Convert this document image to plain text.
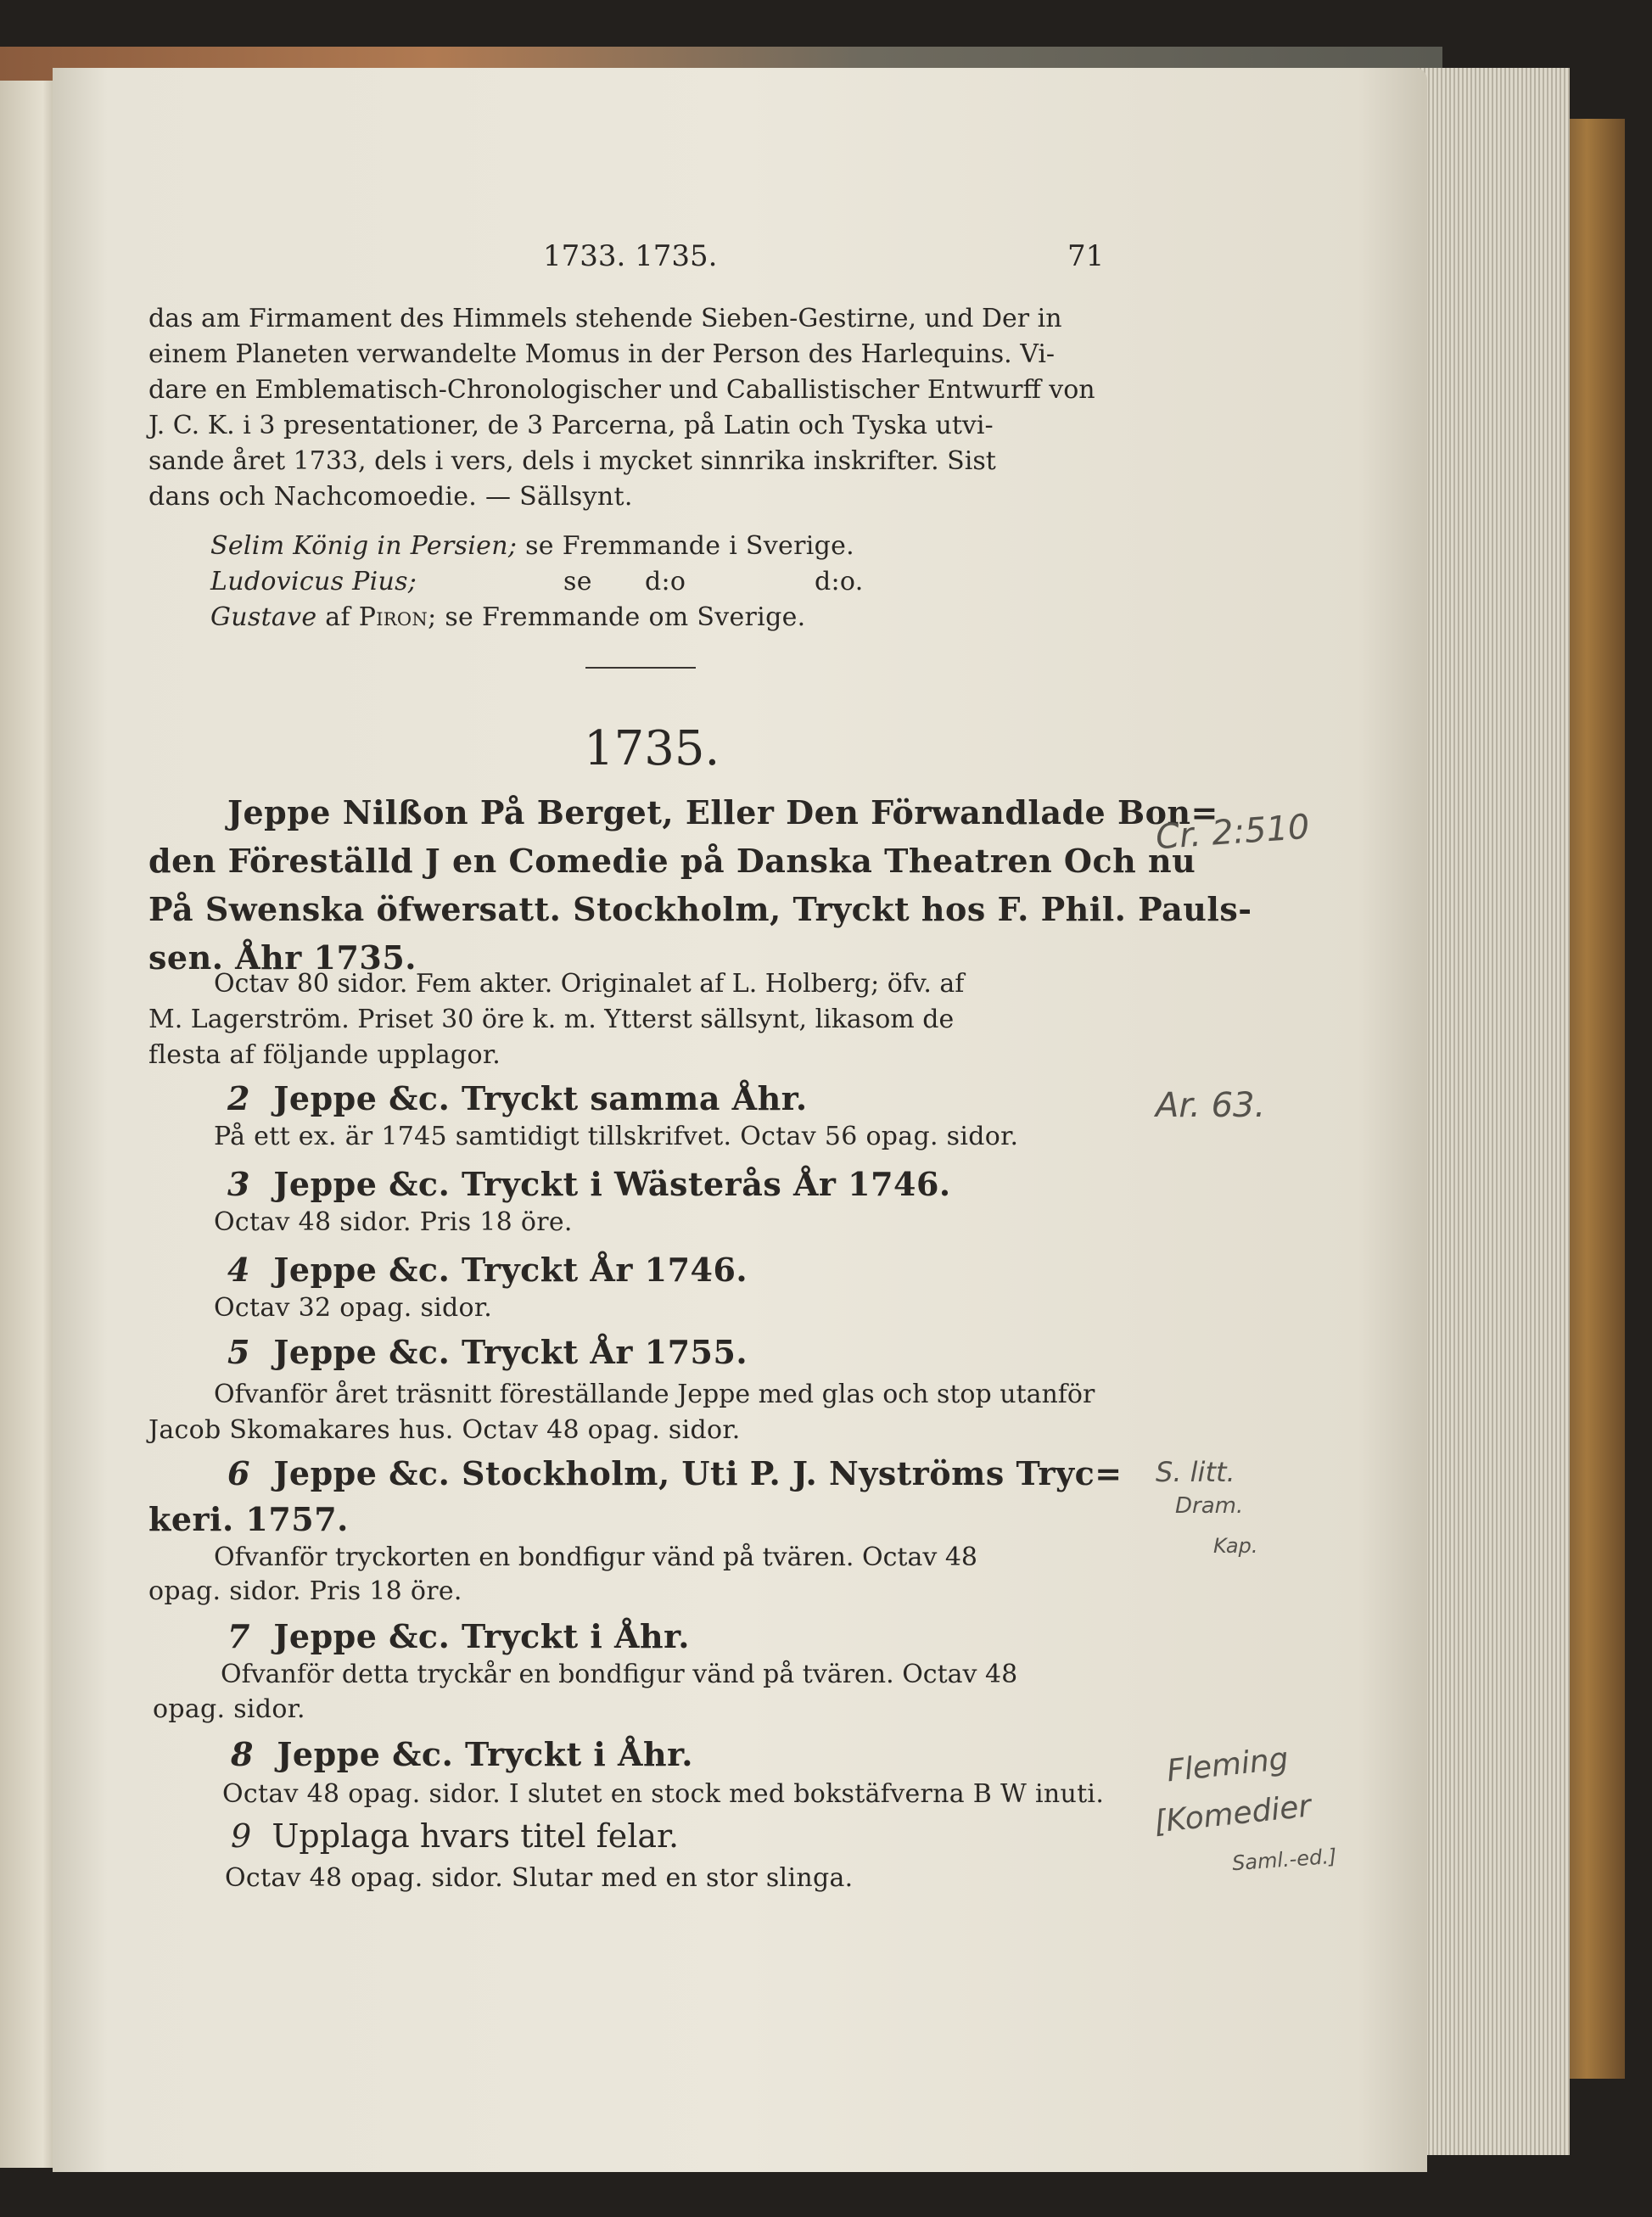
1733. 1735.	71
das am Firmament des Himmels stehende Sieben-Gestirne, und Der in
einem Planeten verwandelte Momus in der Person des Harlequins. Vi-
dare en Emblematisch-Chronologischer und Caballistischer Entwurff von
J. C. K. i 3 presentationer, de 3 Parcerna, på Latin och Tyska utvi-
sande året 1733, dels i vers, dels i mycket sinnrika inskrifter. Sist
dans och Nachcomoedie. — Sällsynt.
Selim König in Persien; se Fremmande i Sverige.
Ludovicus Pius;	se d:o	d:o.
Gustave af Piron; se Fremmande om Sverige.
1735.
Jeppe Nilßon På Berget, Eller Den Förwandlade Bon=
den Föreställd J en Comedie på Danska Theatren Och nu
På Swenska öfwersatt. Stockholm, Tryckt hos F. Phil. Pauls-
sen. Åhr 1735.
Octav 80 sidor. Fem akter. Originalet af L. Holberg; öfv. af
M. Lagerström. Priset 30 öre k. m. Ytterst sällsynt, likasom de
flesta af följande upplagor.
2 Jeppe &c. Tryckt samma Åhr.
På ett ex. är 1745 samtidigt tillskrifvet. Octav 56 opag. sidor.
3 Jeppe &c. Tryckt i Wästerås År 1746.
Octav 48 sidor. Pris 18 öre.
4 Jeppe &c. Tryckt År 1746.
Octav 32 opag. sidor.
5 Jeppe &c. Tryckt År 1755.
Ofvanför året träsnitt föreställande Jeppe med glas och stop utanför
Jacob Skomakares hus. Octav 48 opag. sidor.
6 Jeppe &c. Stockholm, Uti P. J. Nyströms Tryc=
keri. 1757.
Ofvanför tryckorten en bondfigur vänd på tvären. Octav 48
opag. sidor. Pris 18 öre.
7 Jeppe &c. Tryckt i Åhr.
Ofvanför detta tryckår en bondfigur vänd på tvären. Octav 48
opag. sidor.
8 Jeppe &c. Tryckt i Åhr.
Octav 48 opag. sidor. I slutet en stock med bokstäfverna B W inuti.
9 Upplaga hvars titel felar.
Octav 48 opag. sidor. Slutar med en stor slinga.
Cr. 2:510
Ar. 63.
S. litt.
Dram.
Kap.
Fleming
[Komedier
Saml.-ed.]
